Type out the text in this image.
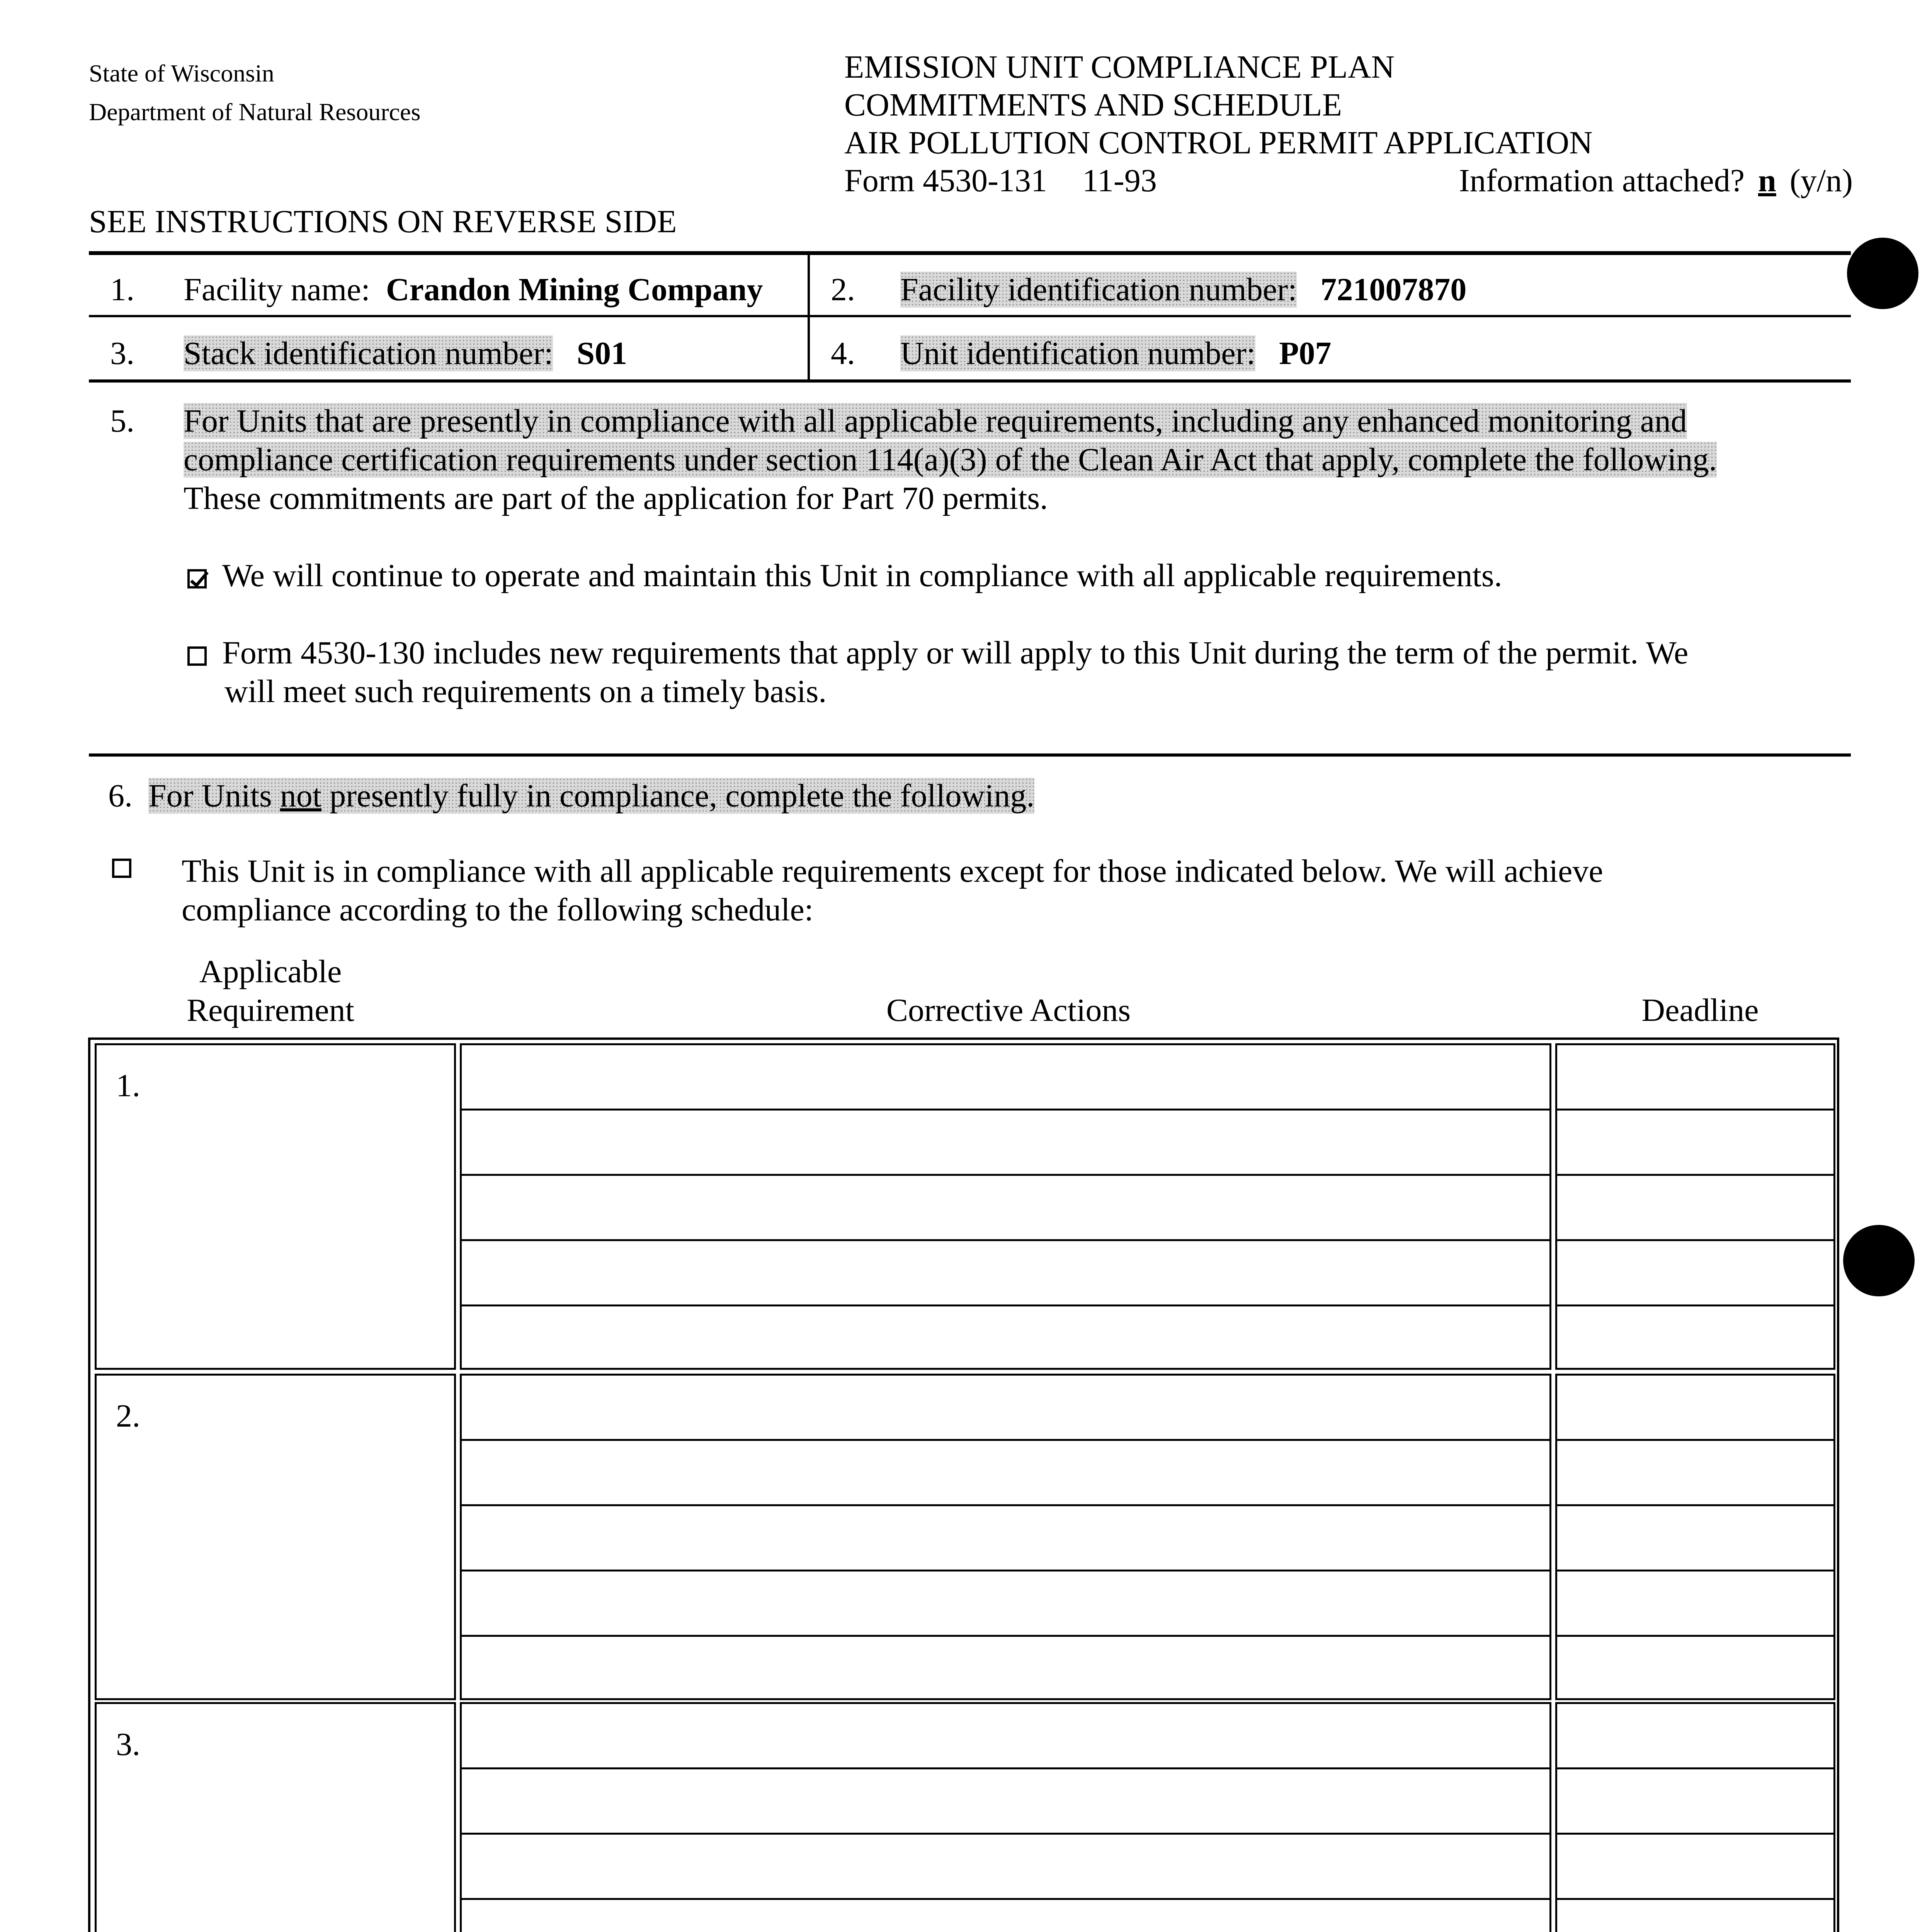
State of Wisconsin
Department of Natural Resources
EMISSION UNIT COMPLIANCE PLAN
COMMITMENTS AND SCHEDULE
AIR POLLUTION CONTROL PERMIT APPLICATION
Form 4530-131 11-93	Information attached? n (y/n)
SEE INSTRUCTIONS ON REVERSE SIDE
1. Facility name: Crandon Mining Company 2. Facility identification number: 721007870
3. Stack identification number: S01	4. Unit identification number: P07
5. For Units that are presently in compliance with all applicable requirements, including any enhanced monitoring and
compliance certification requirements under section 114(a)(3) of the Clean Air Act that apply, complete the following.
These commitments are part of the application for Part 70 permits.
We will continue to operate and maintain this Unit in compliance with all applicable requirements.
Form 4530-130 includes new requirements that apply or will apply to this Unit during the term of the permit. We
will meet such requirements on a timely basis.
6. For Units not presently fully in compliance, complete the following.
This Unit is in compliance with all applicable requirements except for those indicated below. We will achieve
compliance according to the following schedule:
Applicable
Requirement	Corrective Actions	Deadline
1.
2.
3.
